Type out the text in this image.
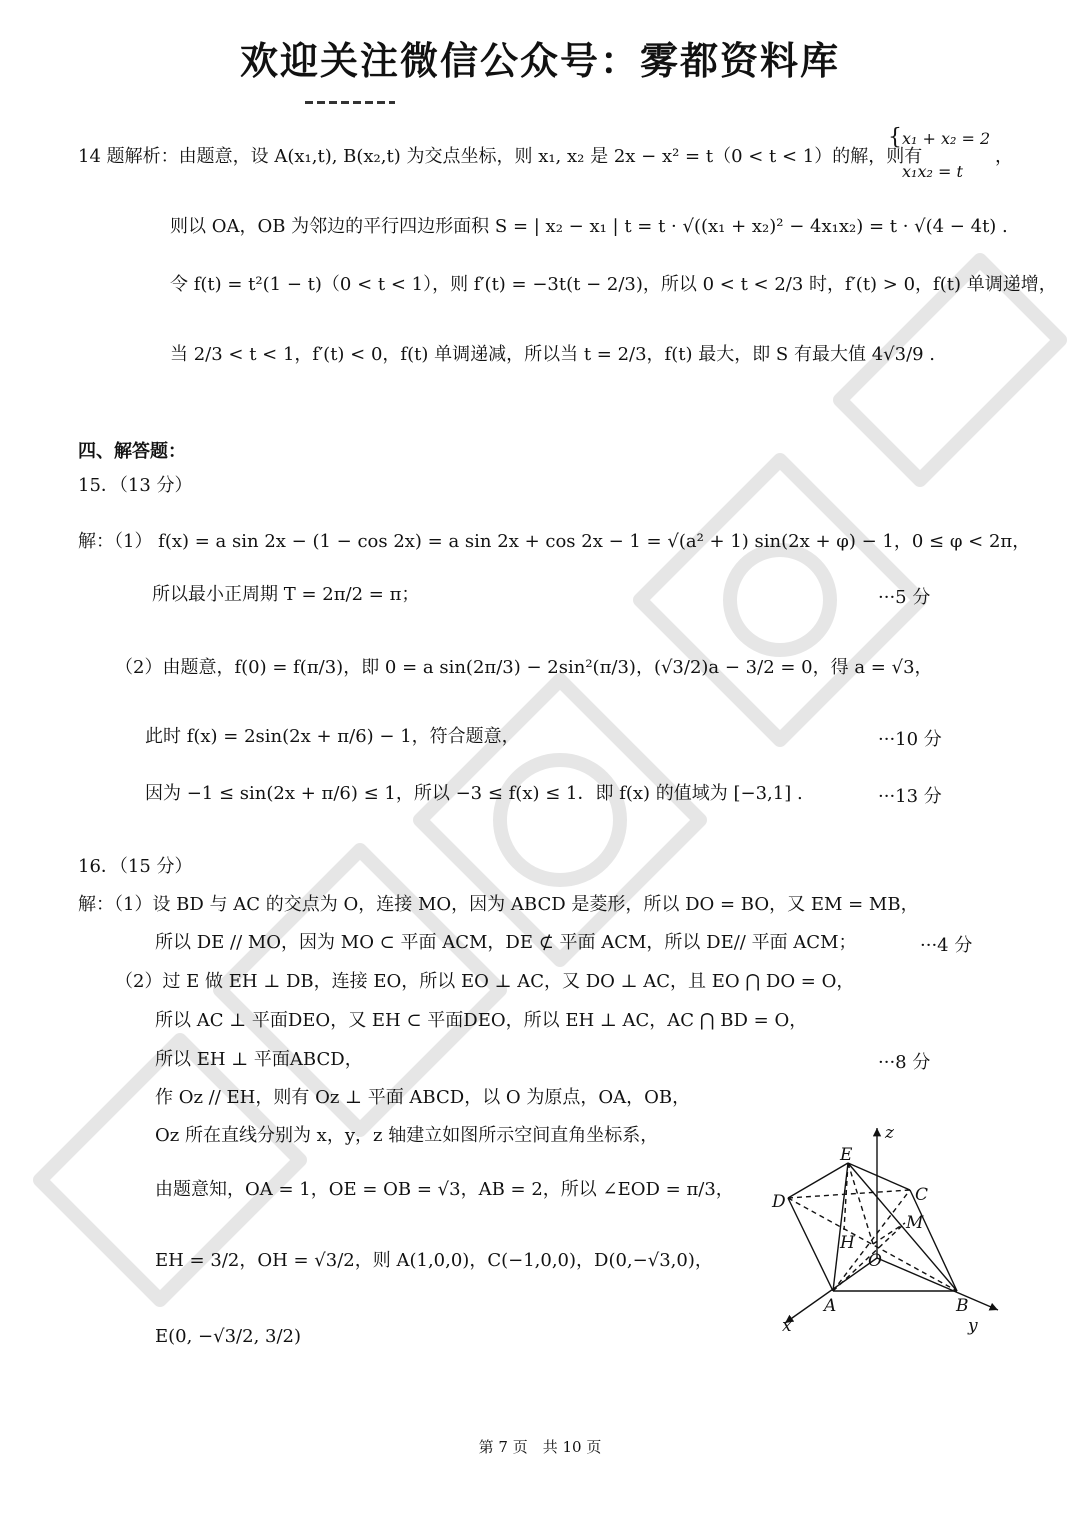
欢迎关注微信公众号：雾都资料库
14 题解析：由题意，设 A(x₁,t), B(x₂,t) 为交点坐标，则 x₁, x₂ 是 2x − x² = t（0 < t < 1）的解，则有
{ x₁ + x₂ = 2
x₁x₂ = t
，
则以 OA，OB 为邻边的平行四边形面积 S = | x₂ − x₁ | t = t · √((x₁ + x₂)² − 4x₁x₂) = t · √(4 − 4t) .
令 f(t) = t²(1 − t)（0 < t < 1），则 f′(t) = −3t(t − 2/3)，所以 0 < t < 2/3 时，f′(t) > 0，f(t) 单调递增，
当 2/3 < t < 1，f′(t) < 0，f(t) 单调递减，所以当 t = 2/3，f(t) 最大，即 S 有最大值 4√3/9 .
四、解答题：
15．（13 分）
解：（1） f(x) = a sin 2x − (1 − cos 2x) = a sin 2x + cos 2x − 1 = √(a² + 1) sin(2x + φ) − 1，0 ≤ φ < 2π，
所以最小正周期 T = 2π/2 = π；	···5 分
（2）由题意，f(0) = f(π/3)，即 0 = a sin(2π/3) − 2sin²(π/3)，(√3/2)a − 3/2 = 0，得 a = √3，
此时 f(x) = 2sin(2x + π/6) − 1，符合题意，	···10 分
因为 −1 ≤ sin(2x + π/6) ≤ 1，所以 −3 ≤ f(x) ≤ 1．即 f(x) 的值域为 [−3,1] .	···13 分
16．（15 分）
解：（1）设 BD 与 AC 的交点为 O，连接 MO，因为 ABCD 是菱形，所以 DO = BO，又 EM = MB，
所以 DE // MO，因为 MO ⊂ 平面 ACM，DE ⊄ 平面 ACM，所以 DE// 平面 ACM；	···4 分
（2）过 E 做 EH ⊥ DB，连接 EO，所以 EO ⊥ AC，又 DO ⊥ AC，且 EO ⋂ DO = O，
所以 AC ⊥ 平面DEO，又 EH ⊂ 平面DEO，所以 EH ⊥ AC，AC ⋂ BD = O，
所以 EH ⊥ 平面ABCD，	···8 分
作 Oz // EH，则有 Oz ⊥ 平面 ABCD，以 O 为原点，OA，OB，
Oz 所在直线分别为 x，y，z 轴建立如图所示空间直角坐标系，
由题意知，OA = 1，OE = OB = √3，AB = 2，所以 ∠EOD = π/3，
EH = 3/2，OH = √3/2，则 A(1,0,0)，C(−1,0,0)，D(0,−√3,0)，
E(0, −√3/2, 3/2)
z
E
C
D
M
H
O
A	B
x	y
第 7 页　共 10 页
